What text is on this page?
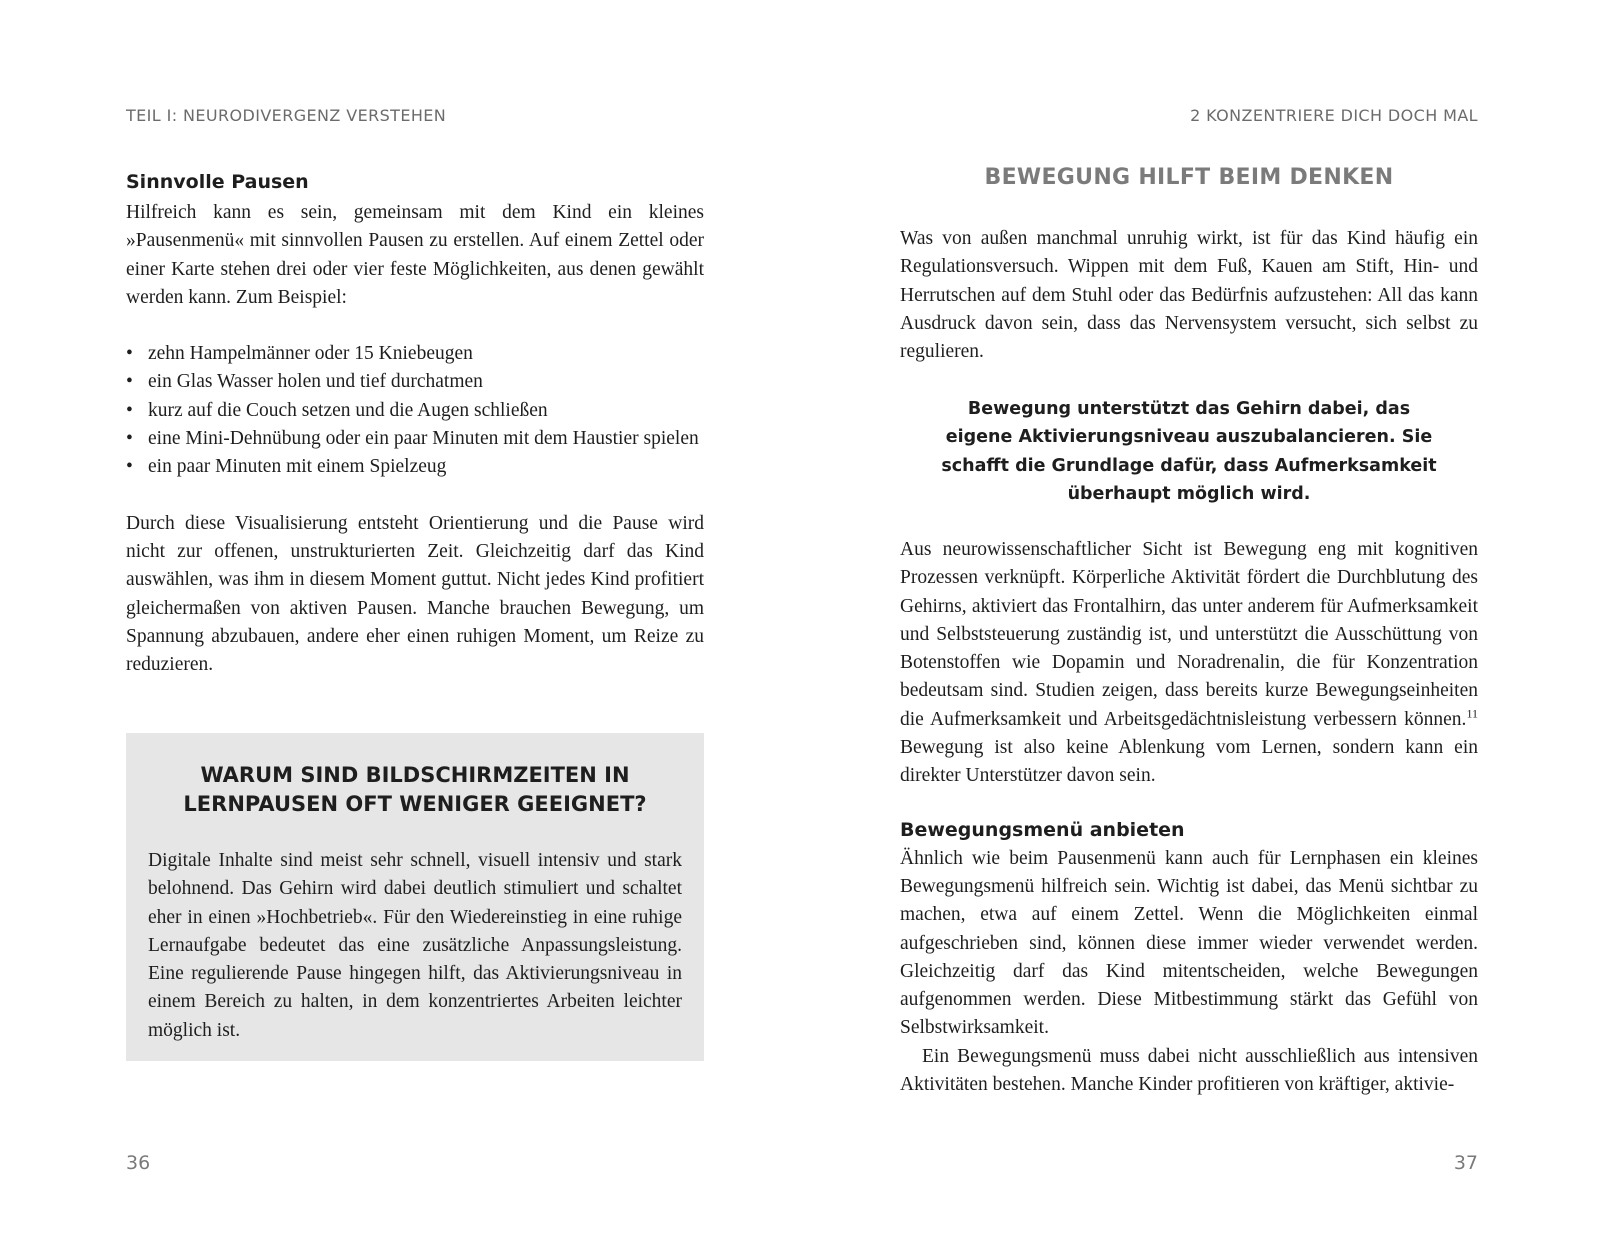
TEIL I: NEURODIVERGENZ VERSTEHEN
Sinnvolle Pausen

Hilfreich kann es sein, gemeinsam mit dem Kind ein kleines »Pausenmenü« mit sinnvollen Pausen zu erstellen. Auf einem Zettel oder einer Karte stehen drei oder vier feste Möglichkeiten, aus denen gewählt werden kann. Zum Beispiel:

• zehn Hampelmänner oder 15 Kniebeugen
• ein Glas Wasser holen und tief durchatmen
• kurz auf die Couch setzen und die Augen schließen
• eine Mini-Dehnübung oder ein paar Minuten mit dem Haustier spielen
• ein paar Minuten mit einem Spielzeug

Durch diese Visualisierung entsteht Orientierung und die Pause wird nicht zur offenen, unstrukturierten Zeit. Gleichzeitig darf das Kind auswählen, was ihm in diesem Moment guttut. Nicht jedes Kind profitiert gleichermaßen von aktiven Pausen. Manche brauchen Bewegung, um Spannung abzubauen, andere eher einen ruhigen Moment, um Reize zu reduzieren.

WARUM SIND BILDSCHIRMZEITEN IN
LERNPAUSEN OFT WENIGER GEEIGNET?

Digitale Inhalte sind meist sehr schnell, visuell intensiv und stark belohnend. Das Gehirn wird dabei deutlich stimuliert und schaltet eher in einen »Hochbetrieb«. Für den Wiedereinstieg in eine ruhige Lernaufgabe bedeutet das eine zusätzliche Anpassungsleistung. Eine regulierende Pause hingegen hilft, das Aktivierungsniveau in einem Bereich zu halten, in dem konzentriertes Arbeiten leichter möglich ist.

36
2 KONZENTRIERE DICH DOCH MAL
BEWEGUNG HILFT BEIM DENKEN

Was von außen manchmal unruhig wirkt, ist für das Kind häufig ein Regulationsversuch. Wippen mit dem Fuß, Kauen am Stift, Hin- und Herrutschen auf dem Stuhl oder das Bedürfnis aufzustehen: All das kann Ausdruck davon sein, dass das Nervensystem versucht, sich selbst zu regulieren.

Bewegung unterstützt das Gehirn dabei, das eigene Aktivierungsniveau auszubalancieren. Sie schafft die Grundlage dafür, dass Aufmerksamkeit überhaupt möglich wird.

Aus neurowissenschaftlicher Sicht ist Bewegung eng mit kognitiven Prozessen verknüpft. Körperliche Aktivität fördert die Durchblutung des Gehirns, aktiviert das Frontalhirn, das unter anderem für Aufmerksamkeit und Selbststeuerung zuständig ist, und unterstützt die Ausschüttung von Botenstoffen wie Dopamin und Noradrenalin, die für Konzentration bedeutsam sind. Studien zeigen, dass bereits kurze Bewegungseinheiten die Aufmerksamkeit und Arbeitsgedächtnisleistung verbessern können.$^{11}$ Bewegung ist also keine Ablenkung vom Lernen, sondern kann ein direkter Unterstützer davon sein.

Bewegungsmenü anbieten

Ähnlich wie beim Pausenmenü kann auch für Lernphasen ein kleines Bewegungsmenü hilfreich sein. Wichtig ist dabei, das Menü sichtbar zu machen, etwa auf einem Zettel. Wenn die Möglichkeiten einmal aufgeschrieben sind, können diese immer wieder verwendet werden. Gleichzeitig darf das Kind mitentscheiden, welche Bewegungen aufgenommen werden. Diese Mitbestimmung stärkt das Gefühl von Selbstwirksamkeit.

Ein Bewegungsmenü muss dabei nicht ausschließlich aus intensiven Aktivitäten bestehen. Manche Kinder profitieren von kräftiger, aktivie-

37
